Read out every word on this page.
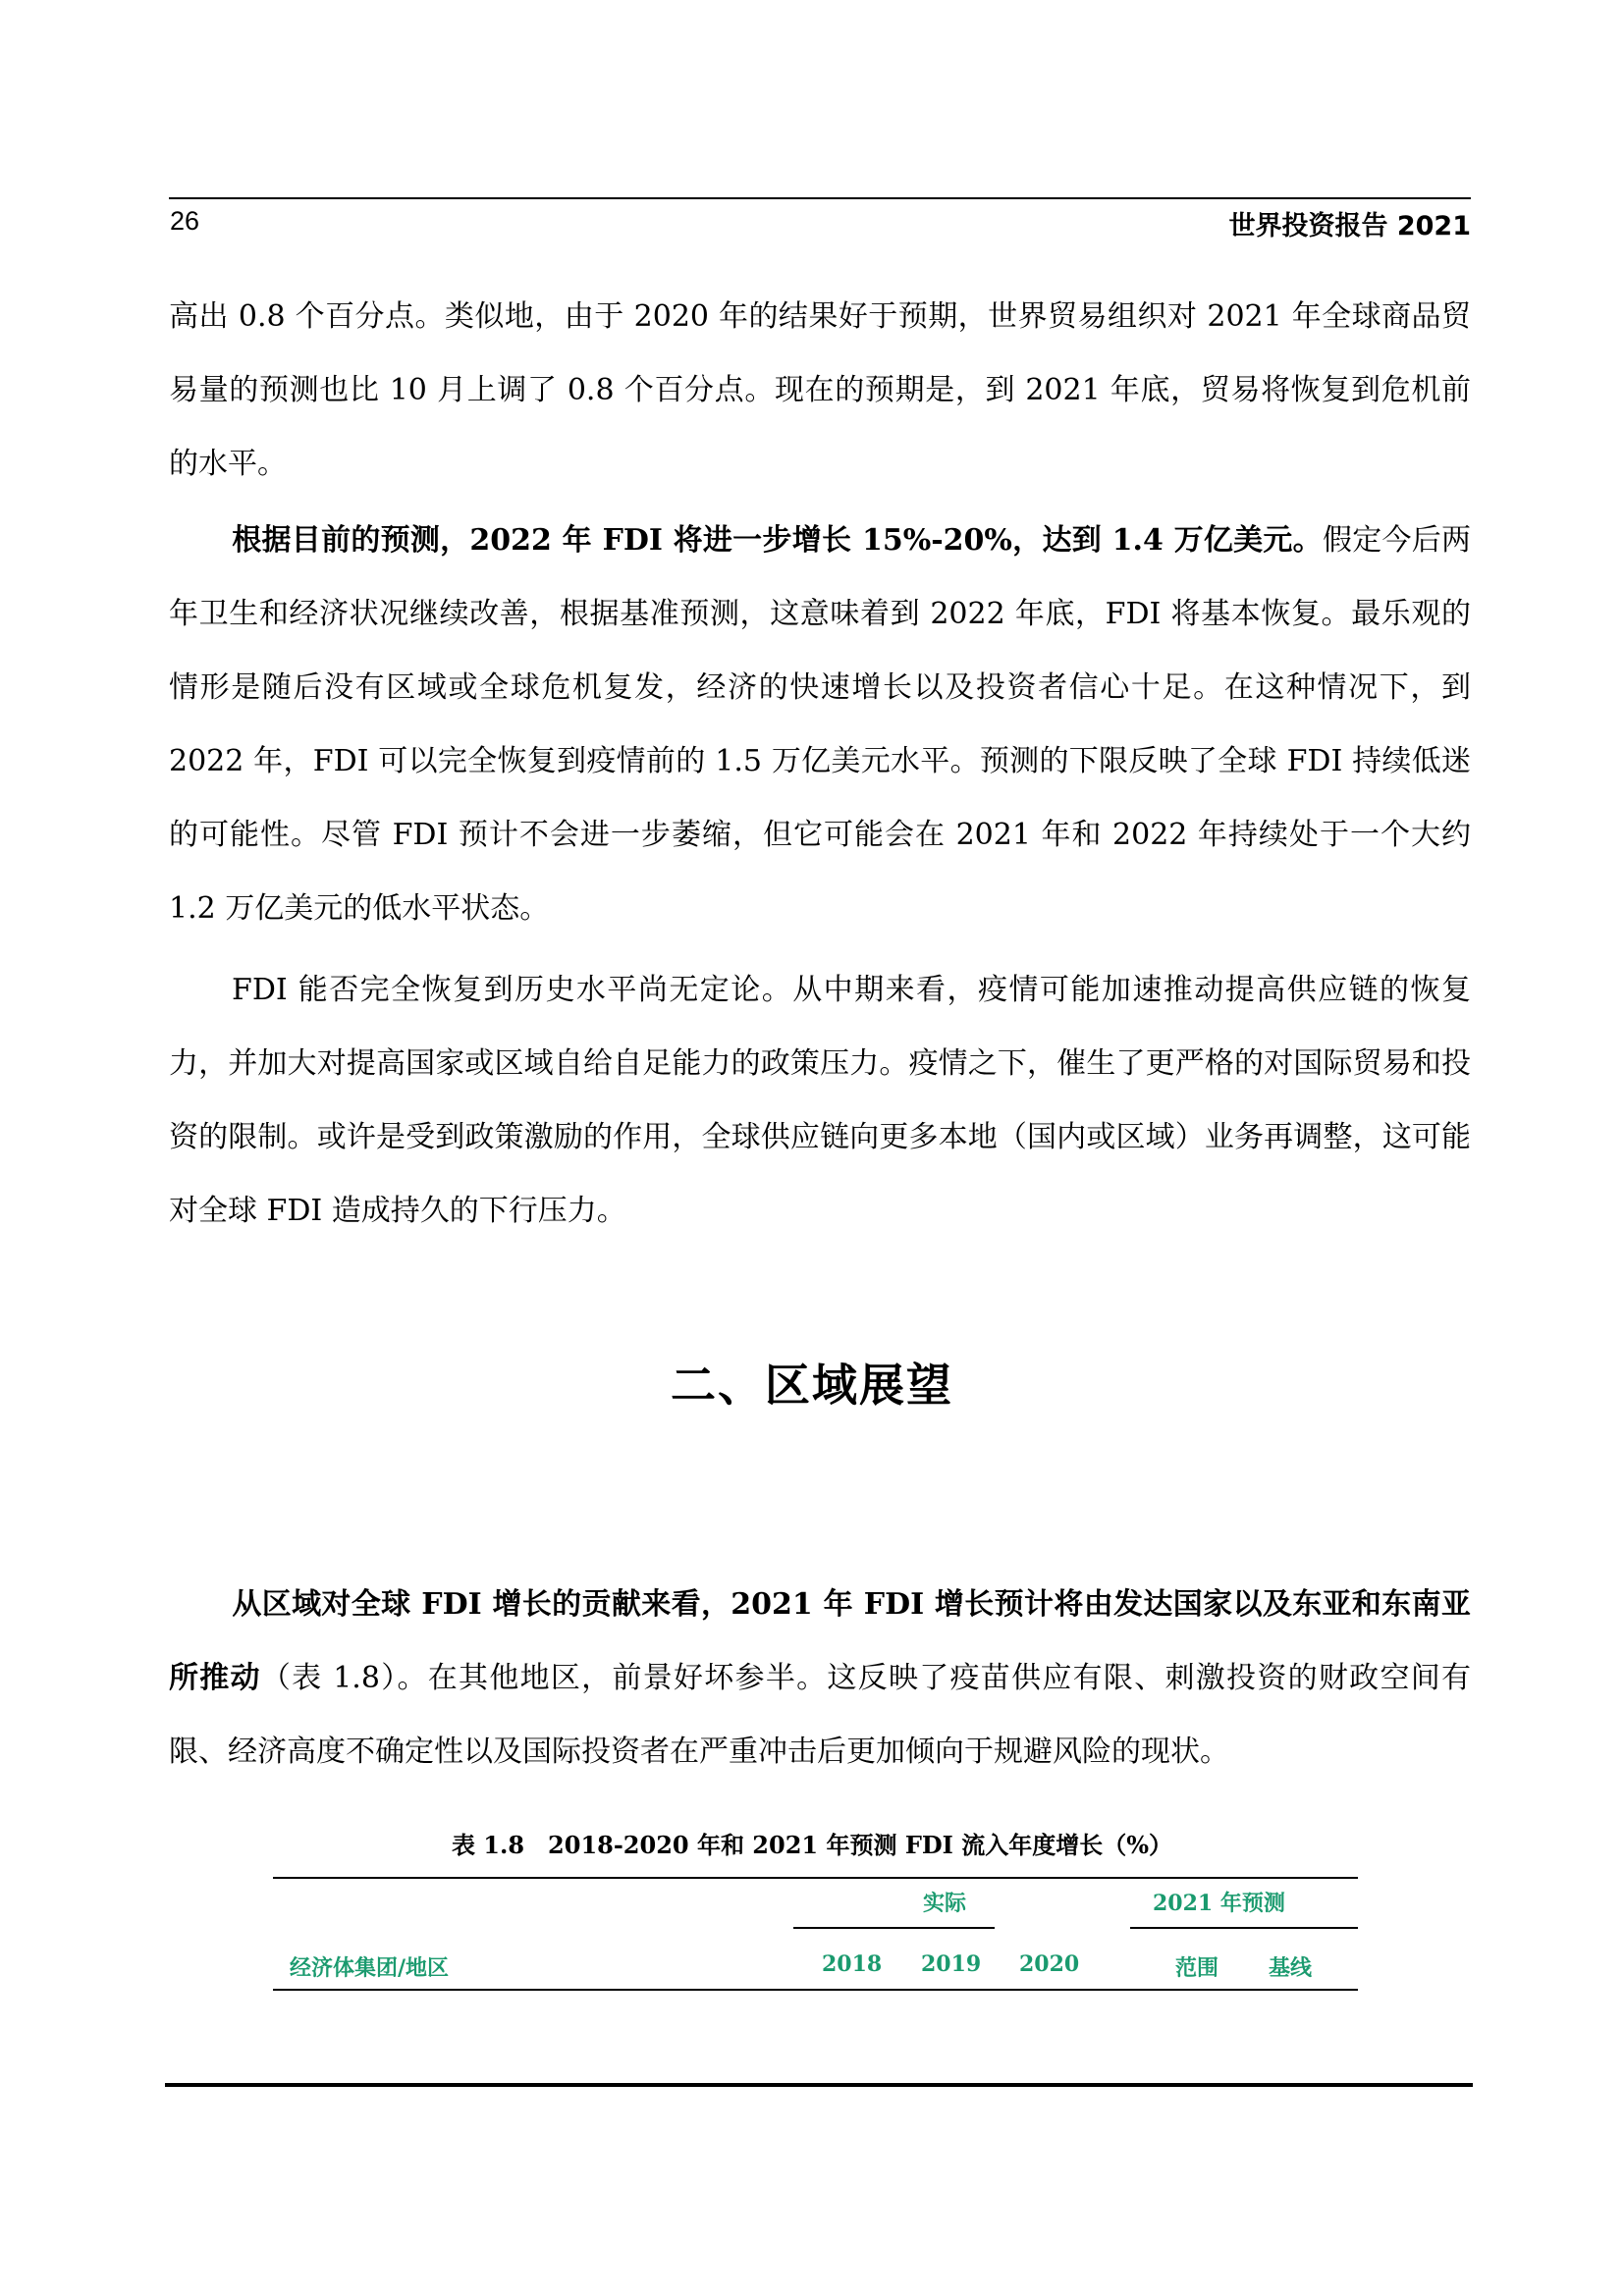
26	世界投资报告 2021

高出 0.8 个百分点。类似地，由于 2020 年的结果好于预期，世界贸易组织对 2021 年全球商品贸易量的预测也比 10 月上调了 0.8 个百分点。现在的预期是，到 2021 年底，贸易将恢复到危机前的水平。

根据目前的预测，2022 年 FDI 将进一步增长 15%-20%，达到 1.4 万亿美元。假定今后两年卫生和经济状况继续改善，根据基准预测，这意味着到 2022 年底，FDI 将基本恢复。最乐观的情形是随后没有区域或全球危机复发，经济的快速增长以及投资者信心十足。在这种情况下，到 2022 年，FDI 可以完全恢复到疫情前的 1.5 万亿美元水平。预测的下限反映了全球 FDI 持续低迷的可能性。尽管 FDI 预计不会进一步萎缩，但它可能会在 2021 年和 2022 年持续处于一个大约 1.2 万亿美元的低水平状态。

FDI 能否完全恢复到历史水平尚无定论。从中期来看，疫情可能加速推动提高供应链的恢复力，并加大对提高国家或区域自给自足能力的政策压力。疫情之下，催生了更严格的对国际贸易和投资的限制。或许是受到政策激励的作用，全球供应链向更多本地（国内或区域）业务再调整，这可能对全球 FDI 造成持久的下行压力。

二、区域展望

从区域对全球 FDI 增长的贡献来看，2021 年 FDI 增长预计将由发达国家以及东亚和东南亚所推动（表 1.8）。在其他地区，前景好坏参半。这反映了疫苗供应有限、刺激投资的财政空间有限、经济高度不确定性以及国际投资者在严重冲击后更加倾向于规避风险的现状。

表 1.8　2018-2020 年和 2021 年预测 FDI 流入年度增长（%）
实际	2021 年预测
经济体集团/地区	2018 2019 2020	范围 基线
